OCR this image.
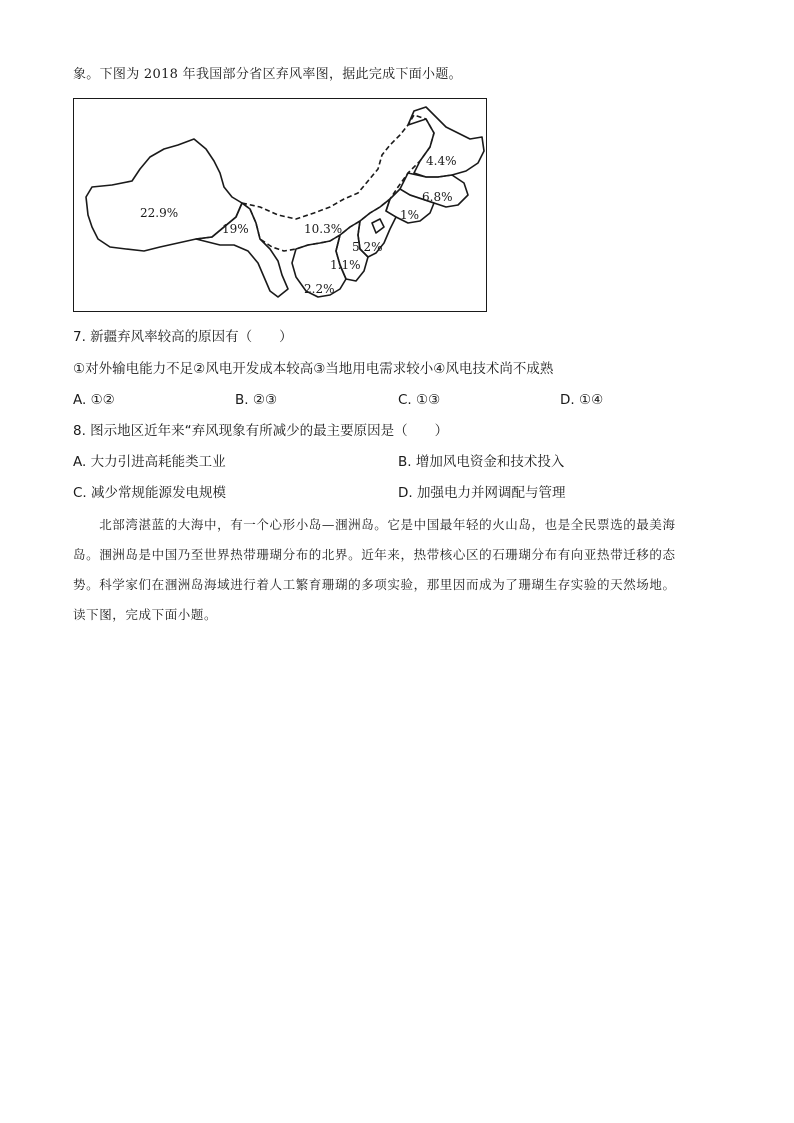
象。下图为 2018 年我国部分省区弃风率图，据此完成下面小题。
22.9%
19%	10.3%
4.4%
6.8%
1%
5.2%
1.1%
2.2%
7. 新疆弃风率较高的原因有（　　）
①对外输电能力不足②风电开发成本较高③当地用电需求较小④风电技术尚不成熟
A. ①②	B. ②③	C. ①③	D. ①④
8. 图示地区近年来“弃风现象有所减少的最主要原因是（　　）
A. 大力引进高耗能类工业	B. 增加风电资金和技术投入
C. 减少常规能源发电规模	D. 加强电力并网调配与管理

　　北部湾湛蓝的大海中，有一个心形小岛—涠洲岛。它是中国最年轻的火山岛，也是全民票选的最美海

岛。涠洲岛是中国乃至世界热带珊瑚分布的北界。近年来，热带核心区的石珊瑚分布有向亚热带迁移的态

势。科学家们在涠洲岛海域进行着人工繁育珊瑚的多项实验，那里因而成为了珊瑚生存实验的天然场地。

读下图，完成下面小题。
